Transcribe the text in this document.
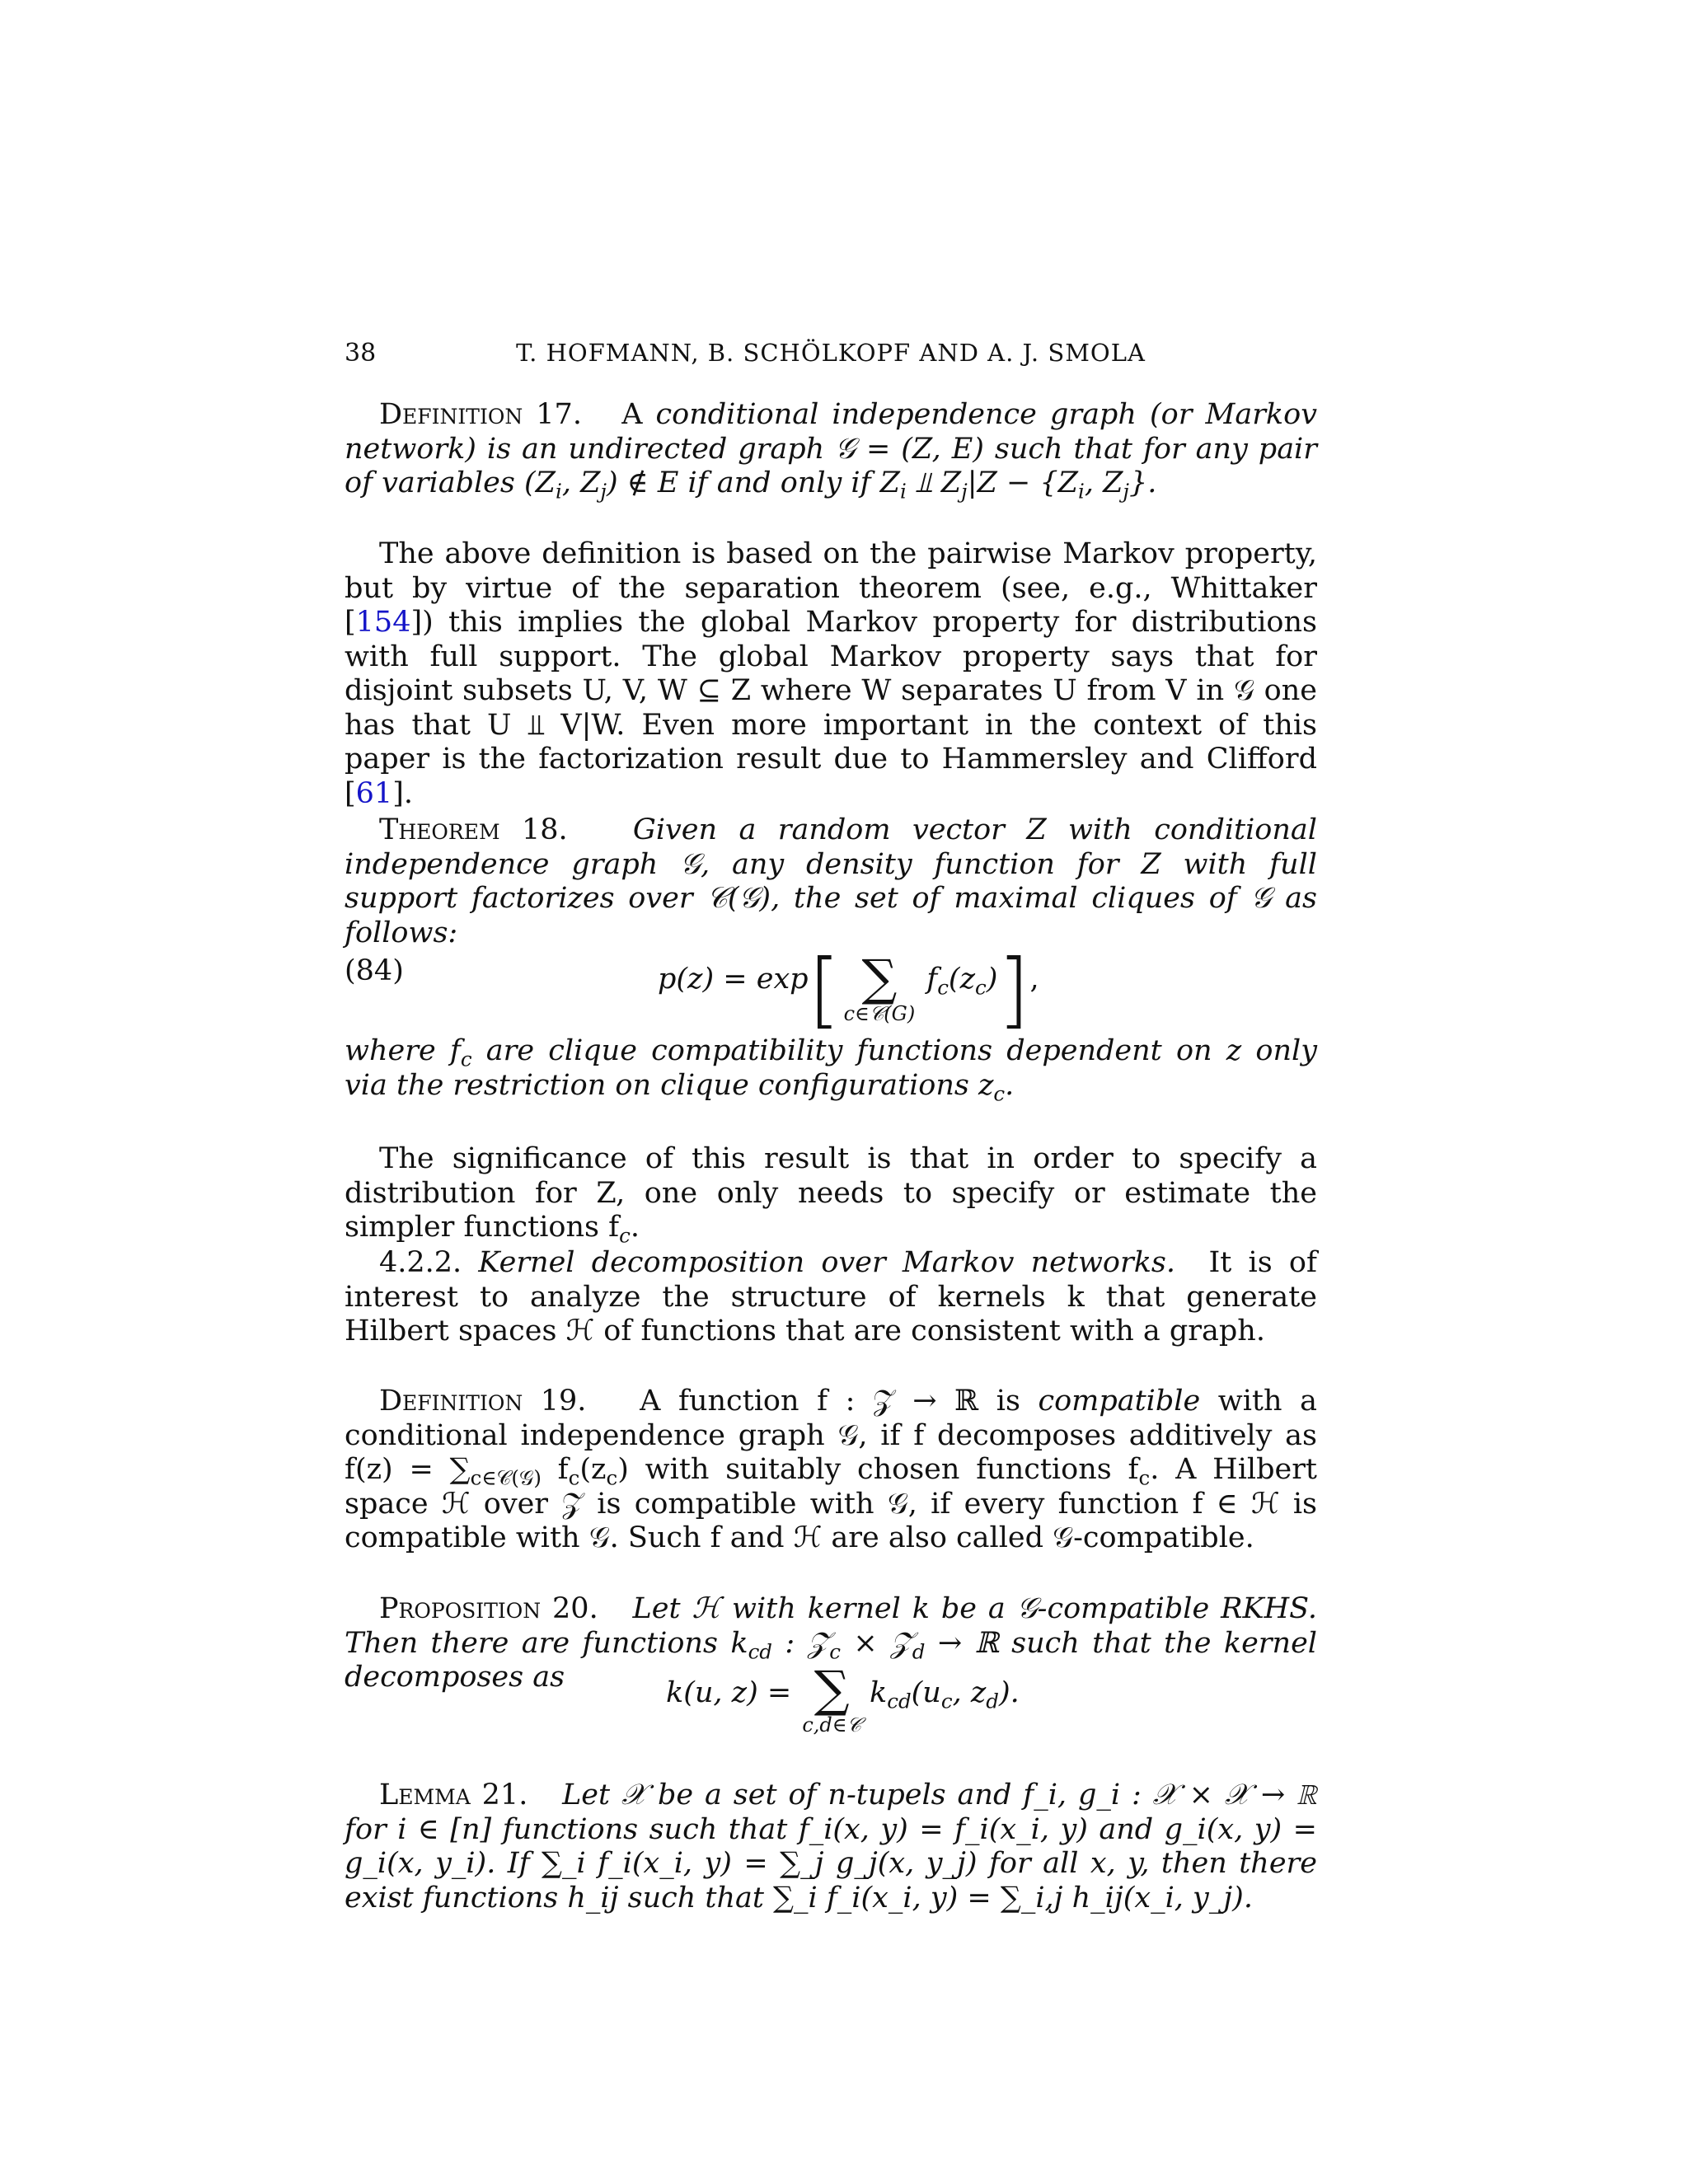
38	T. HOFMANN, B. SCHÖLKOPF AND A. J. SMOLA

Definition 17. A conditional independence graph (or Markov network) is an undirected graph 𝒢 = (Z, E) such that for any pair of variables ($Z_i$, $Z_j$) ∉ E if and only if $Z_i$ ⫫ $Z_j|Z - \{Z_i$, $Z_j$}.

The above definition is based on the pairwise Markov property, but by virtue of the separation theorem (see, e.g., Whittaker [154]) this implies the global Markov property for distributions with full support. The global Markov property says that for disjoint subsets U, V, W ⊆ Z where W separates U from V in 𝒢 one has that U ⫫ V|W. Even more important in the context of this paper is the factorization result due to Hammersley and Clifford [61].

Theorem 18. Given a random vector Z with conditional independence graph 𝒢, any density function for Z with full support factorizes over 𝒞(𝒢), the set of maximal cliques of 𝒢 as follows:

(84)	p(z) = exp[ ∑
c∈𝒞(G)
$f_c(z_c)$],

where $f_c$ are clique compatibility functions dependent on z only via the restriction on clique configurations $z_c$.

The significance of this result is that in order to specify a distribution for Z, one only needs to specify or estimate the simpler functions $f_c$.

4.2.2. Kernel decomposition over Markov networks. It is of interest to analyze the structure of kernels k that generate Hilbert spaces ℋ of functions that are consistent with a graph.

Definition 19. A function f : 𝒵 → ℝ is compatible with a conditional independence graph 𝒢, if f decomposes additively as $f(z) = \sum_{c\in 𝒞(𝒢)}$ $f_c(z_c)$ with suitably chosen functions $f_c$. A Hilbert space ℋ over 𝒵 is compatible with 𝒢, if every function f ∈ ℋ is compatible with 𝒢. Such f and ℋ are also called 𝒢-compatible.

Proposition 20. Let ℋ with kernel k be a 𝒢-compatible RKHS. Then there are functions $k_{cd}$ : 𝒵$_c$ × 𝒵$_d$ → ℝ such that the kernel decomposes as	k(u, z) = ∑
c,d∈𝒞
$k_{cd}(u_c$, $z_d$).

Lemma 21. Let 𝒳 be a set of n-tupels and f_i, g_i : 𝒳 × 𝒳 → ℝ for i ∈ [n] functions such that f_i(x, y) = f_i(x_i, y) and g_i(x, y) = g_i(x, y_i). If ∑_i f_i(x_i, y) = ∑_j g_j(x, y_j) for all x, y, then there exist functions h_ij such that ∑_i f_i(x_i, y) = ∑_i,j h_ij(x_i, y_j).
